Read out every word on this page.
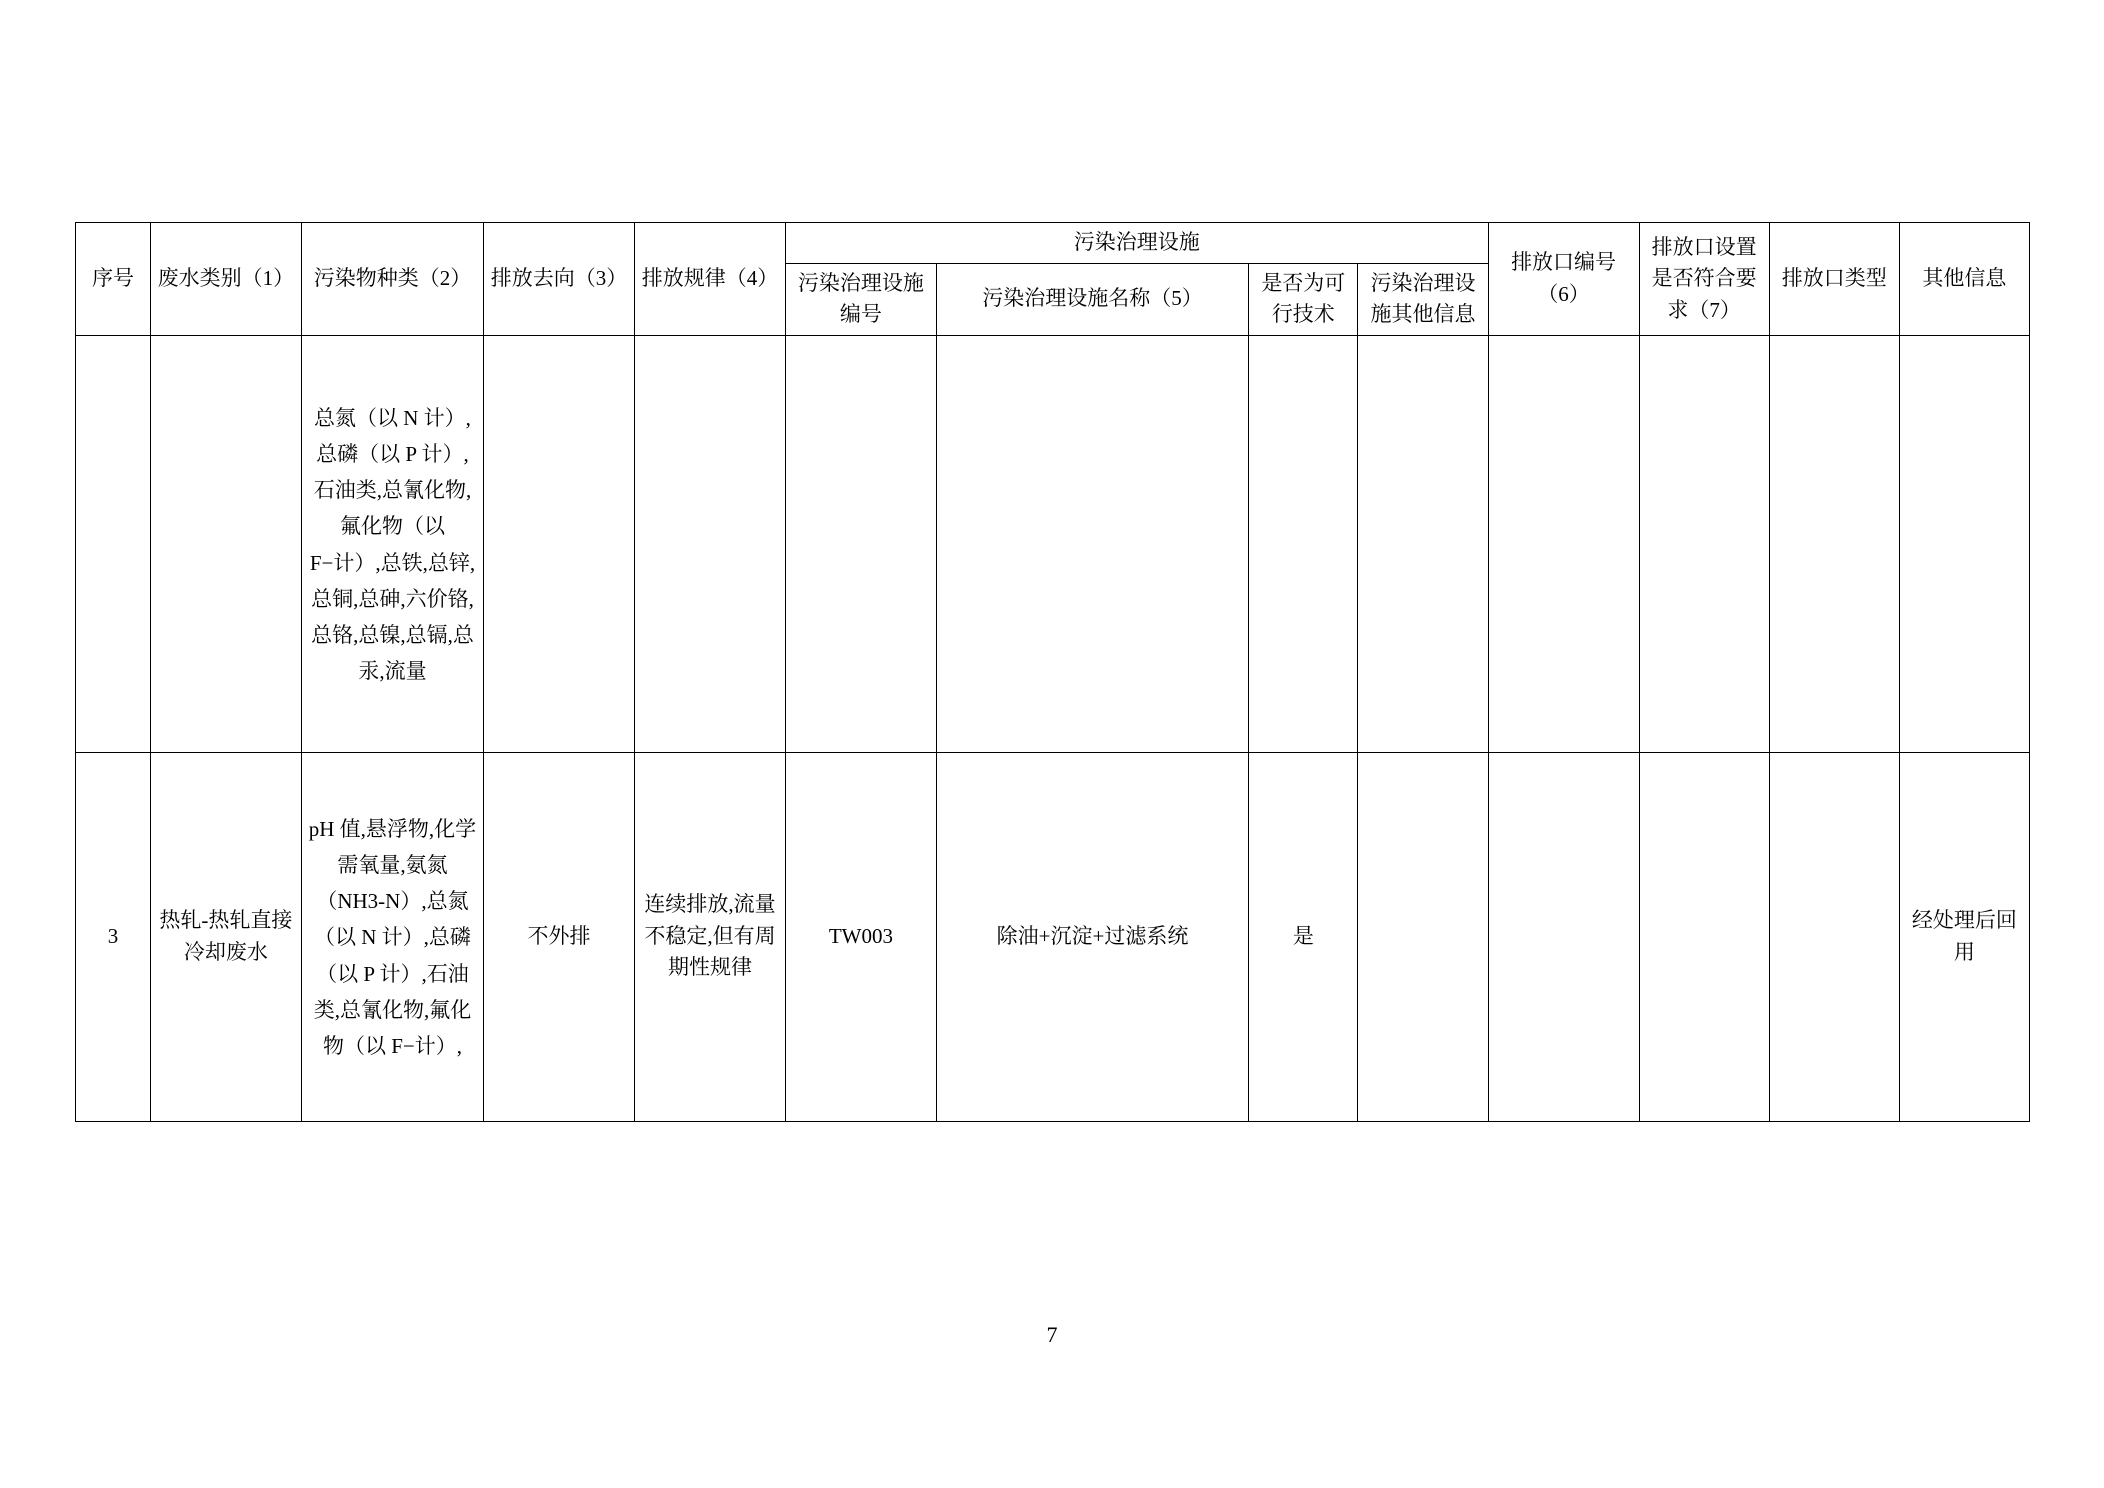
序号	废水类别（1）	污染物种类（2）	排放去向（3）	排放规律（4）	污染治理设施				排放口编号（6）	排放口设置是否符合要求（7）	排放口类型	其他信息
					污染治理设施编号	污染治理设施名称（5）	是否为可行技术	污染治理设施其他信息				

		总氮（以 N 计）,总磷（以 P 计）,石油类,总氰化物,氟化物（以 F−计）,总铁,总锌,总铜,总砷,六价铬,总铬,总镍,总镉,总汞,流量										

3	热轧-热轧直接冷却废水	pH 值,悬浮物,化学需氧量,氨氮（NH3-N）,总氮（以 N 计）,总磷（以 P 计）,石油类,总氰化物,氟化物（以 F−计）,	不外排	连续排放,流量不稳定,但有周期性规律	TW003	除油+沉淀+过滤系统	是					经处理后回用
7
